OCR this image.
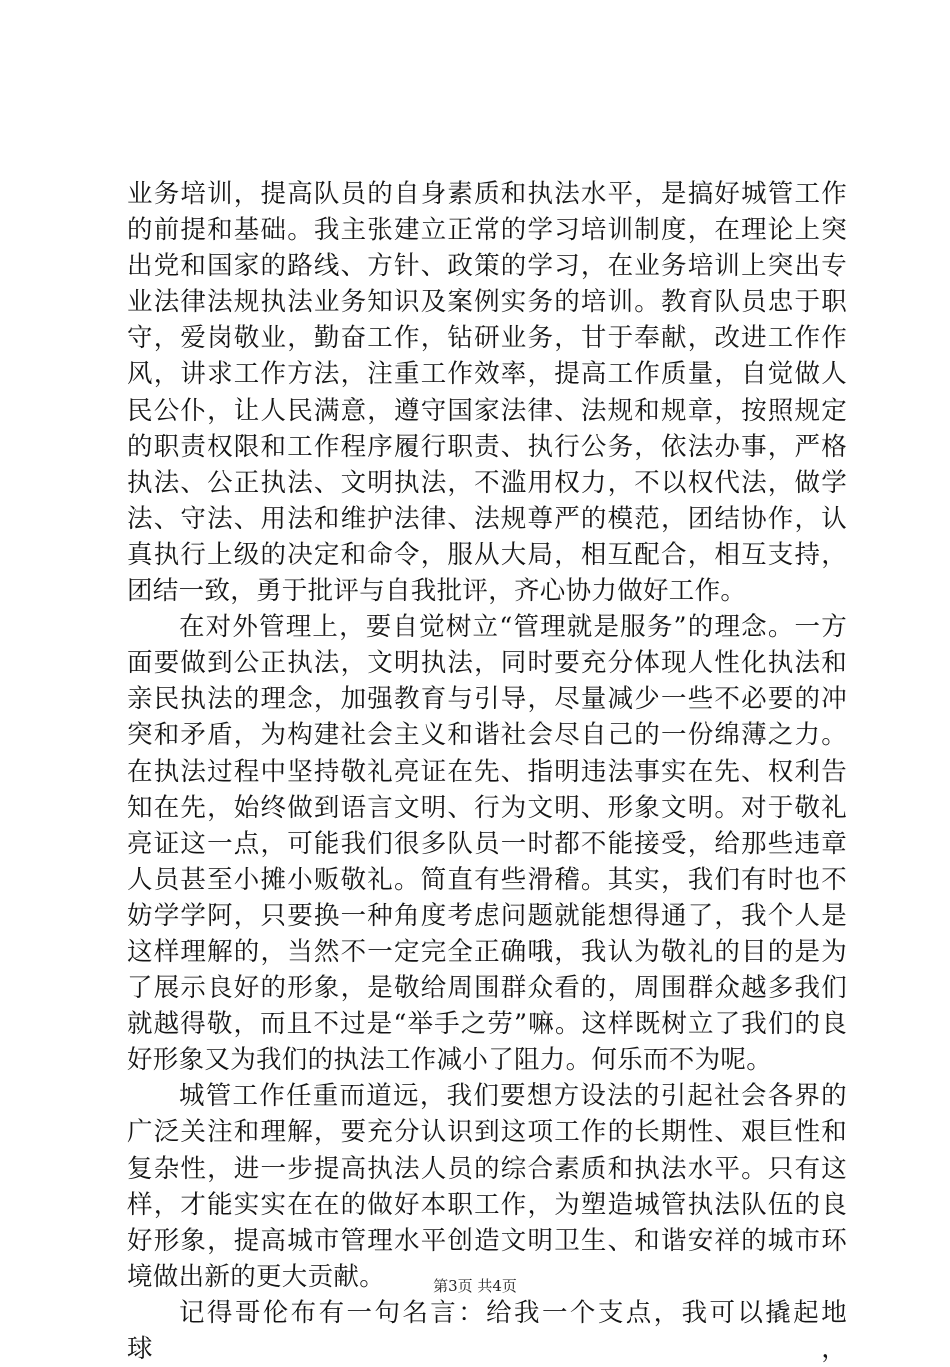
业务培训，提高队员的自身素质和执法水平，是搞好城管工作的前提和基础。我主张建立正常的学习培训制度，在理论上突出党和国家的路线、方针、政策的学习，在业务培训上突出专业法律法规执法业务知识及案例实务的培训。教育队员忠于职守，爱岗敬业，勤奋工作，钻研业务，甘于奉献，改进工作作风，讲求工作方法，注重工作效率，提高工作质量，自觉做人民公仆，让人民满意，遵守国家法律、法规和规章，按照规定的职责权限和工作程序履行职责、执行公务，依法办事，严格执法、公正执法、文明执法，不滥用权力，不以权代法，做学法、守法、用法和维护法律、法规尊严的模范，团结协作，认真执行上级的决定和命令，服从大局，相互配合，相互支持，团结一致，勇于批评与自我批评，齐心协力做好工作。

在对外管理上，要自觉树立“管理就是服务”的理念。一方面要做到公正执法，文明执法，同时要充分体现人性化执法和亲民执法的理念，加强教育与引导，尽量减少一些不必要的冲突和矛盾，为构建社会主义和谐社会尽自己的一份绵薄之力。在执法过程中坚持敬礼亮证在先、指明违法事实在先、权利告知在先，始终做到语言文明、行为文明、形象文明。对于敬礼亮证这一点，可能我们很多队员一时都不能接受，给那些违章人员甚至小摊小贩敬礼。简直有些滑稽。其实，我们有时也不妨学学阿，只要换一种角度考虑问题就能想得通了，我个人是这样理解的，当然不一定完全正确哦，我认为敬礼的目的是为了展示良好的形象，是敬给周围群众看的，周围群众越多我们就越得敬，而且不过是“举手之劳”嘛。这样既树立了我们的良好形象又为我们的执法工作减小了阻力。何乐而不为呢。

城管工作任重而道远，我们要想方设法的引起社会各界的广泛关注和理解，要充分认识到这项工作的长期性、艰巨性和复杂性，进一步提高执法人员的综合素质和执法水平。只有这样，才能实实在在的做好本职工作，为塑造城管执法队伍的良好形象，提高城市管理水平创造文明卫生、和谐安祥的城市环境做出新的更大贡献。

记得哥伦布有一句名言：给我一个支点，我可以撬起地球，

第3页 共4页
